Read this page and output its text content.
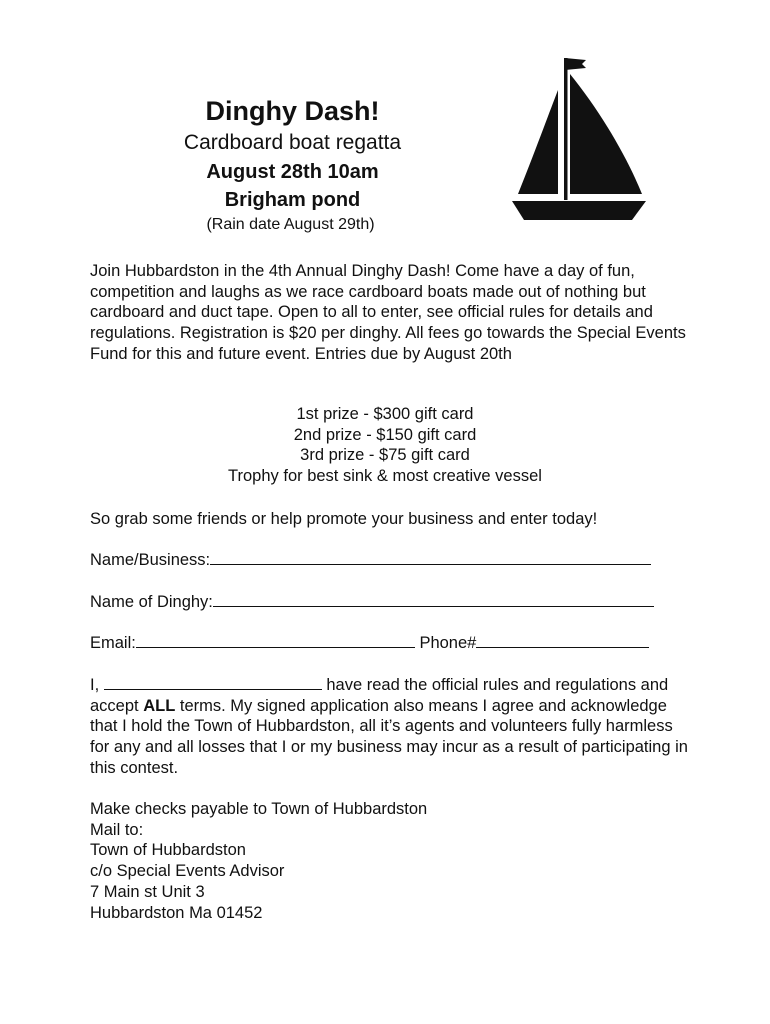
Dinghy Dash!

Cardboard boat regatta

August 28th 10am

Brigham pond

(Rain date August 29th)

Join Hubbardston in the 4th Annual Dinghy Dash! Come have a day of fun, competition and laughs as we race cardboard boats made out of nothing but cardboard and duct tape. Open to all to enter, see official rules for details and regulations. Registration is $20 per dinghy. All fees go towards the Special Events Fund for this and future event. Entries due by August 20th
1st prize - $300 gift card
2nd prize - $150 gift card
3rd prize - $75 gift card
Trophy for best sink & most creative vessel
So grab some friends or help promote your business and enter today!
Name/Business:
Name of Dinghy:
Email:	Phone#
I,	have read the official rules and regulations and accept ALL terms. My signed application also means I agree and acknowledge that I hold the Town of Hubbardston, all it’s agents and volunteers fully harmless for any and all losses that I or my business may incur as a result of participating in this contest.
Make checks payable to Town of Hubbardston
Mail to:
Town of Hubbardston
c/o Special Events Advisor
7 Main st Unit 3
Hubbardston Ma 01452
